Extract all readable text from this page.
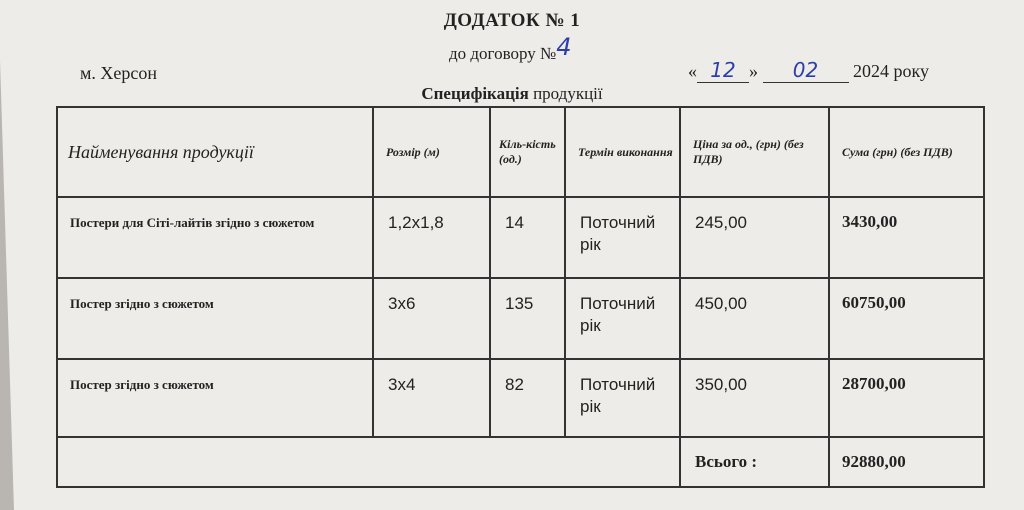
ДОДАТОК № 1
до договору №4
м. Херсон	« 12 » 02 2024 року
Специфікація продукції
Найменування продукції	Розмір (м)	Кіль-кість (од.)	Термін виконання	Ціна за од., (грн) (без ПДВ)	Сума (грн) (без ПДВ)
Постери для Сіті-лайтів згідно з сюжетом	1,2х1,8	14	Поточний рік	245,00	3430,00
Постер згідно з сюжетом	3х6	135	Поточний рік	450,00	60750,00
Постер згідно з сюжетом	3х4	82	Поточний рік	350,00	28700,00
				Всього :	92880,00
